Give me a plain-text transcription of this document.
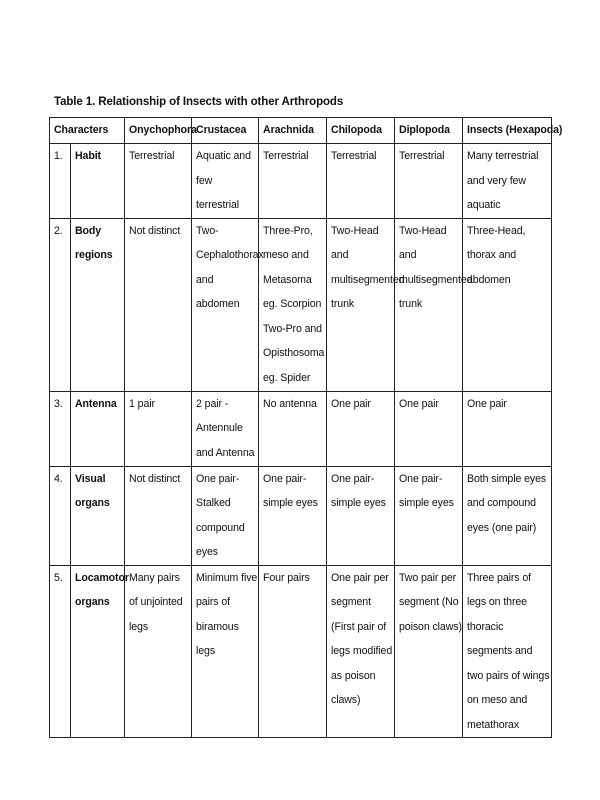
Table 1. Relationship of Insects with other Arthropods
Characters		Onychophora	Crustacea	Arachnida	Chilopoda	Diplopoda	Insects (Hexapoda)
1.	Habit	Terrestrial	Aquatic and few terrestrial	Terrestrial	Terrestrial	Terrestrial	Many terrestrial and very few aquatic
2.	Body regions	Not distinct	Two-Cephalothorax and abdomen	Three-Pro, meso and Metasoma eg. Scorpion Two-Pro and Opisthosoma eg. Spider	Two-Head and multisegmented trunk	Two-Head and multisegmented trunk	Three-Head, thorax and abdomen
3.	Antenna	1 pair	2 pair - Antennule and Antenna	No antenna	One pair	One pair	One pair
4.	Visual organs	Not distinct	One pair-Stalked compound eyes	One pair-simple eyes	One pair-simple eyes	One pair-simple eyes	Both simple eyes and compound eyes (one pair)
5.	Locamotor organs	Many pairs of unjointed legs	Minimum five pairs of biramous legs	Four pairs	One pair per segment (First pair of legs modified as poison claws)	Two pair per segment (No poison claws)	Three pairs of legs on three thoracic segments and two pairs of wings on meso and metathorax
